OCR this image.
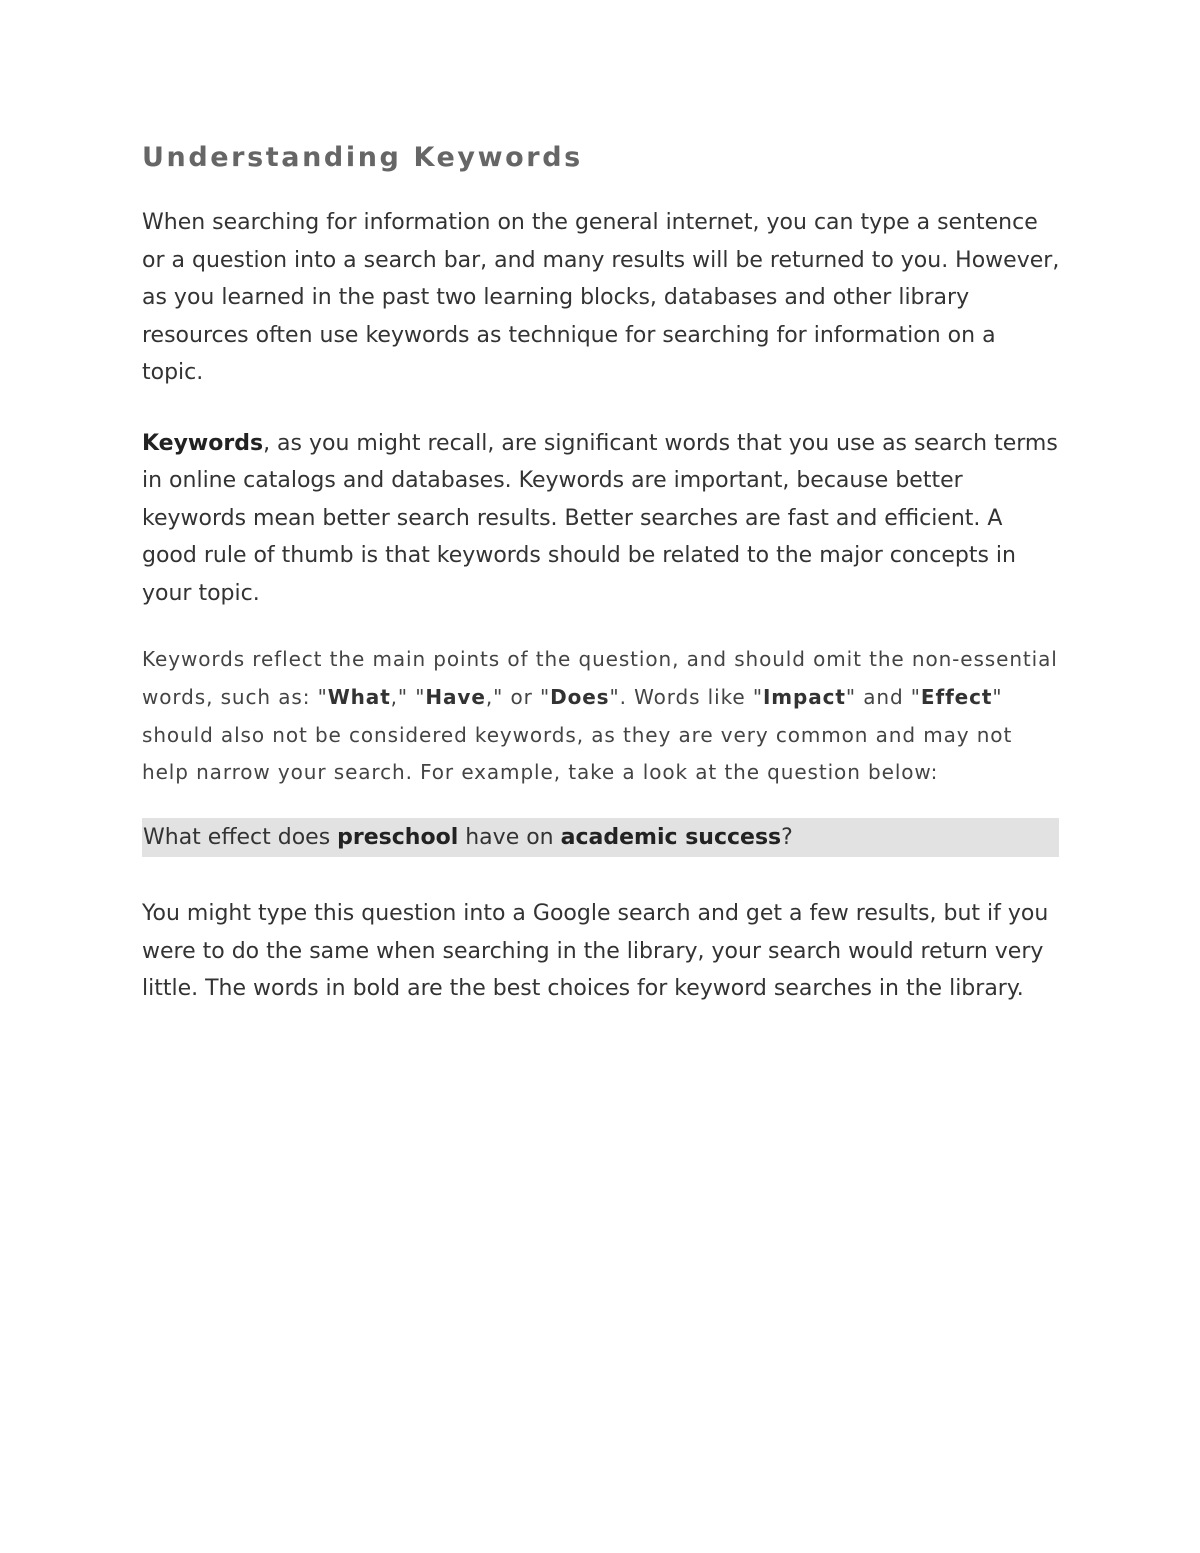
Understanding Keywords

When searching for information on the general internet, you can type a sentence or a question into a search bar, and many results will be returned to you. However, as you learned in the past two learning blocks, databases and other library resources often use keywords as technique for searching for information on a topic.

Keywords, as you might recall, are significant words that you use as search terms in online catalogs and databases. Keywords are important, because better keywords mean better search results. Better searches are fast and efficient. A good rule of thumb is that keywords should be related to the major concepts in your topic.

Keywords reflect the main points of the question, and should omit the non-essential words, such as: "What," "Have," or "Does". Words like "Impact" and "Effect" should also not be considered keywords, as they are very common and may not help narrow your search. For example, take a look at the question below:

What effect does preschool have on academic success?

You might type this question into a Google search and get a few results, but if you were to do the same when searching in the library, your search would return very little. The words in bold are the best choices for keyword searches in the library.
